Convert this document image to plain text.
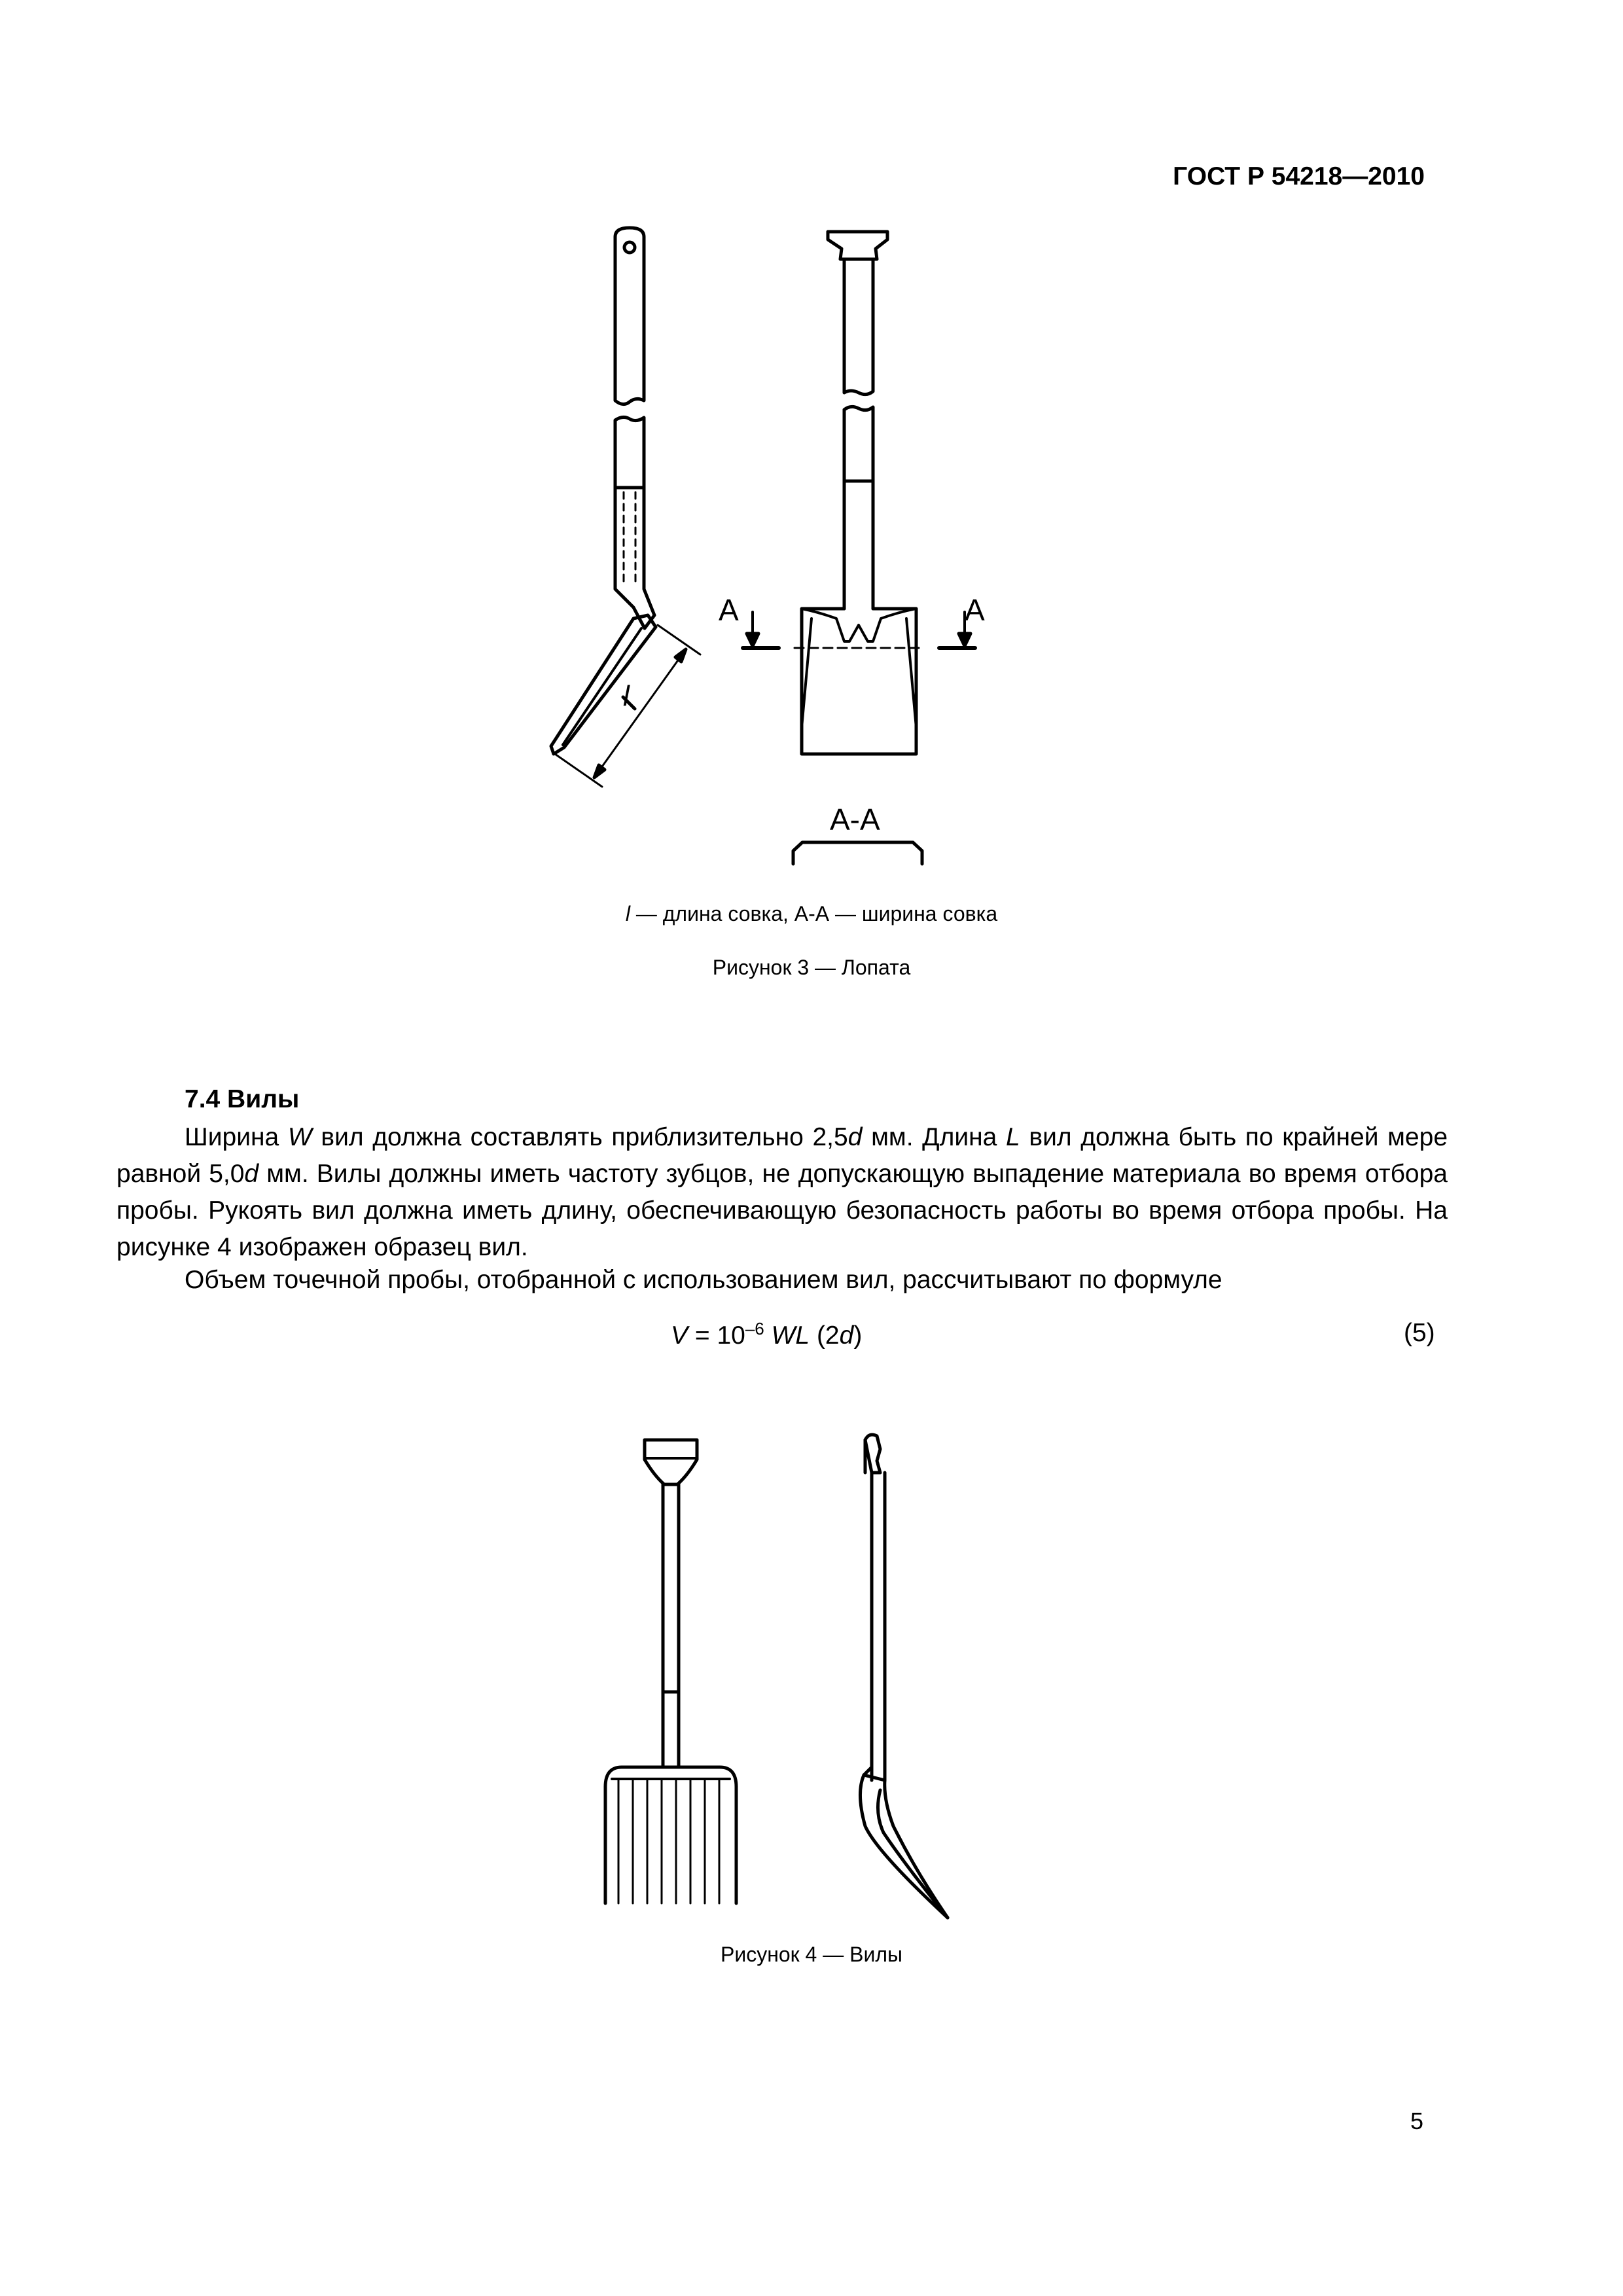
ГОСТ Р 54218—2010
l
A	A
A-A
l — длина совка, А-А — ширина совка
Рисунок 3 — Лопата
7.4 Вилы
Ширина W вил должна составлять приблизительно 2,5d мм. Длина L вил должна быть по крайней мере равной 5,0d мм. Вилы должны иметь частоту зубцов, не допускающую выпадение материала во время отбора пробы. Рукоять вил должна иметь длину, обеспечивающую безопасность работы во время отбора пробы. На рисунке 4 изображен образец вил.
Объем точечной пробы, отобранной с использованием вил, рассчитывают по формуле
$V = 10^{-6}$ WL (2d)	(5)
Рисунок 4 — Вилы
5
